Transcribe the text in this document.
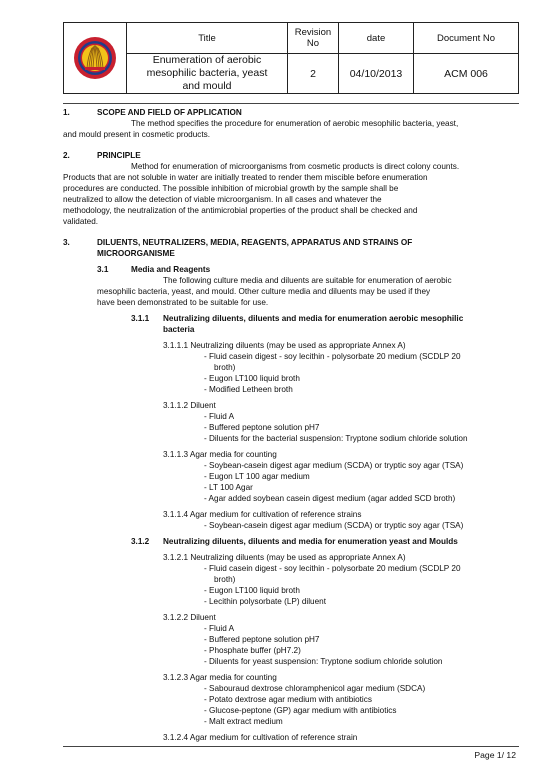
	Title	Revision No	date	Document No
	Enumeration of aerobic mesophilic bacteria, yeast and mould	2	04/10/2013	ACM 006
1.	SCOPE AND FIELD OF APPLICATION
The method specifies the procedure for enumeration of aerobic mesophilic bacteria, yeast,
and mould present in cosmetic products.
2.	PRINCIPLE
Method for enumeration of microorganisms from cosmetic products is direct colony counts.
Products that are not soluble in water are initially treated to render them miscible before enumeration
procedures are conducted. The possible inhibition of microbial growth by the sample shall be
neutralized to allow the detection of viable microorganism. In all cases and whatever the
methodology, the neutralization of the antimicrobial properties of the product shall be checked and
validated.
3.	DILUENTS, NEUTRALIZERS, MEDIA, REAGENTS, APPARATUS AND STRAINS OF
MICROORGANISME
3.1	Media and Reagents
The following culture media and diluents are suitable for enumeration of aerobic
mesophilic bacteria, yeast, and mould. Other culture media and diluents may be used if they
have been demonstrated to be suitable for use.
3.1.1 Neutralizing diluents, diluents and media for enumeration aerobic mesophilic
bacteria
3.1.1.1 Neutralizing diluents (may be used as appropriate Annex A)
- Fluid casein digest - soy lecithin - polysorbate 20 medium (SCDLP 20
broth)
- Eugon LT100 liquid broth
- Modified Letheen broth
3.1.1.2 Diluent
- Fluid A
- Buffered peptone solution pH7
- Diluents for the bacterial suspension: Tryptone sodium chloride solution
3.1.1.3 Agar media for counting
- Soybean-casein digest agar medium (SCDA) or tryptic soy agar (TSA)
- Eugon LT 100 agar medium
- LT 100 Agar
- Agar added soybean casein digest medium (agar added SCD broth)
3.1.1.4 Agar medium for cultivation of reference strains
- Soybean-casein digest agar medium (SCDA) or tryptic soy agar (TSA)
3.1.2 Neutralizing diluents, diluents and media for enumeration yeast and Moulds
3.1.2.1 Neutralizing diluents (may be used as appropriate Annex A)
- Fluid casein digest - soy lecithin - polysorbate 20 medium (SCDLP 20
broth)
- Eugon LT100 liquid broth
- Lecithin polysorbate (LP) diluent
3.1.2.2 Diluent
- Fluid A
- Buffered peptone solution pH7
- Phosphate buffer (pH7.2)
- Diluents for yeast suspension: Tryptone sodium chloride solution
3.1.2.3 Agar media for counting
- Sabouraud dextrose chloramphenicol agar medium (SDCA)
- Potato dextrose agar medium with antibiotics
- Glucose-peptone (GP) agar medium with antibiotics
- Malt extract medium
3.1.2.4 Agar medium for cultivation of reference strain
Page 1/ 12
